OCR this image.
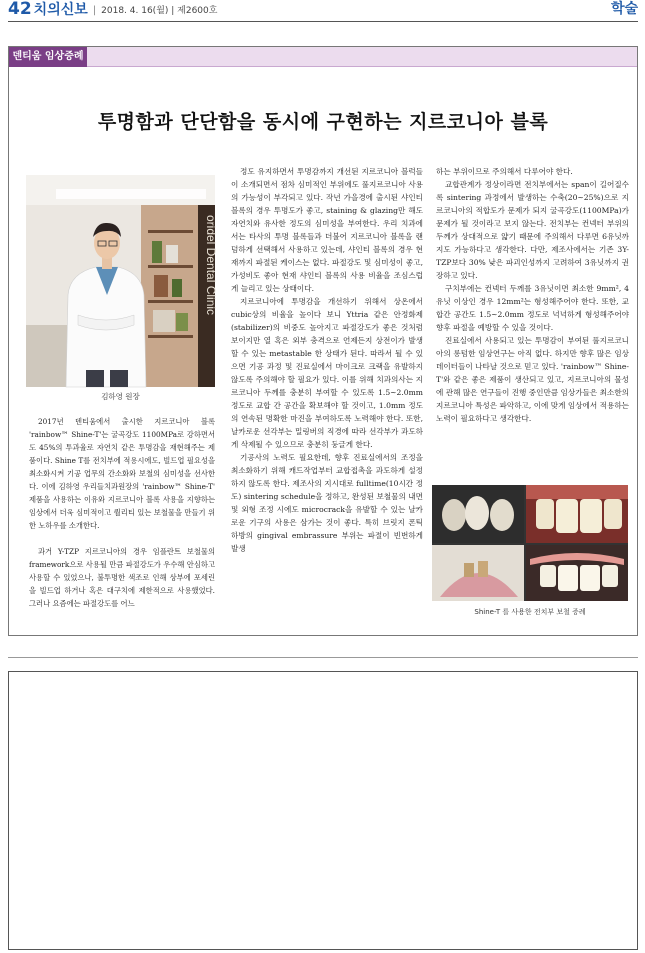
42 치의신보 | 2018. 4. 16(월) | 제2600호	학술
덴티움 임상증례
투명함과 단단함을 동시에 구현하는 지르코니아 블록
oridel Dental Clinic
김하영 원장

2017년 덴티움에서 출시한 지르코니아 블록 'rainbow™ Shine-T'는 굴곡강도 1100MPa로 강하면서도 45%의 투과율로 자연치 같은 투명감을 재현해주는 제품이다. Shine T를 전치부에 적용시에도, 빌드업 필요성을 최소화시켜 기공 업무의 간소화와 보철의 심미성을 선사한다. 이에 김하영 우리들치과원장의 'rainbow™ Shine-T' 제품을 사용하는 이유와 지르코니아 블록 사용을 지향하는 임상에서 더욱 심미적이고 퀄리티 있는 보철물을 만들기 위한 노하우를 소개한다.

과거 Y-TZP 지르코니아의 경우 임플란트 보철물의 framework으로 사용될 만큼 파절강도가 우수해 안심하고 사용할 수 있었으나, 불투명한 색조로 인해 상부에 포세린을 빌드업 하거나 혹은 대구치에 제한적으로 사용했었다. 그러나 요즘에는 파절강도를 어느

정도 유지하면서 투명감까지 개선된 지르코니아 블럭들이 소개되면서 점차 심미적인 부위에도 풀지르코니아 사용의 가능성이 부각되고 있다. 작년 가을경에 출시된 샤인티 블록의 경우 투명도가 좋고, staining & glazing만 해도 자연치와 유사한 정도의 심미성을 부여한다. 우리 치과에서는 타사의 투명 블록들과 더불어 지르코니아 블록을 랜덤하게 선택해서 사용하고 있는데, 샤인티 블록의 경우 현재까지 파절된 케이스는 없다. 파절강도 및 심미성이 좋고, 가성비도 좋아 현재 샤인티 블록의 사용 비율을 조심스럽게 늘리고 있는 상태이다.

지르코니아에 투명감을 개선하기 위해서 상온에서 cubic상의 비율을 높이다 보니 Yttria 같은 안정화제(stabilizer)의 비중도 높아지고 파절강도가 좋은 것처럼 보이지만 열 혹은 외부 충격으로 언제든지 상전이가 발생할 수 있는 metastable 한 상태가 된다. 따라서 될 수 있으면 기공 과정 및 진료실에서 마이크로 크랙을 유발하지 않도록 주의해야 할 필요가 있다. 이를 위해 치과의사는 지르코니아 두께를 충분히 부여할 수 있도록 1.5~2.0mm 정도로 교합 간 공간을 확보해야 할 것이고, 1.0mm 정도의 연속된 명확한 마진을 부여하도록 노력해야 한다. 또한, 날카로운 선각부는 밀링버의 직경에 따라 선각부가 과도하게 삭제될 수 있으므로 충분히 둥글게 한다.

기공사의 노력도 필요한데, 향후 진료실에서의 조정을 최소화하기 위해 캐드작업부터 교합접촉을 과도하게 설정하지 않도록 한다. 제조사의 지시대로 fulltime(10시간 정도) sintering schedule을 정하고, 완성된 보철물의 내면 및 외형 조정 시에도 microcrack을 유발할 수 있는 날카로운 기구의 사용은 삼가는 것이 좋다. 특히 브릿지 폰틱 하방의 gingival embrassure 부위는 파절이 빈번하게 발생

하는 부위이므로 주의해서 다루어야 한다.

교합관계가 정상이라면 전치부에서는 span이 길어질수록 sintering 과정에서 발생하는 수축(20~25%)으로 지르코니아의 적합도가 문제가 되지 굴곡강도(1100MPa)가 문제가 될 것이라고 보지 않는다. 전치부는 컨넥터 부위의 두께가 상대적으로 얇기 때문에 주의해서 다루면 6유닛까지도 가능하다고 생각한다. 다만, 제조사에서는 기존 3Y-TZP보다 30% 낮은 파괴인성까지 고려하여 3유닛까지 권장하고 있다.

구치부에는 컨넥터 두께를 3유닛이면 최소한 9mm², 4유닛 이상인 경우 12mm²는 형성해주어야 한다. 또한, 교합간 공간도 1.5~2.0mm 정도로 넉넉하게 형성해주어야 향후 파절을 예방할 수 있을 것이다.

진료실에서 사용되고 있는 투명감이 부여된 풀지르코니아의 롱텀한 임상연구는 아직 없다. 하지만 향후 많은 임상 데이터들이 나타날 것으로 믿고 있다. 'rainbow™ Shine-T'와 같은 좋은 제품이 생산되고 있고, 지르코니아의 물성에 관해 많은 연구들이 진행 중인만큼 임상가들은 최소한의 지르코니아 특성은 파악하고, 이에 맞게 임상에서 적용하는 노력이 필요하다고 생각한다.

Shine-T 를 사용한 전치부 보철 증례
